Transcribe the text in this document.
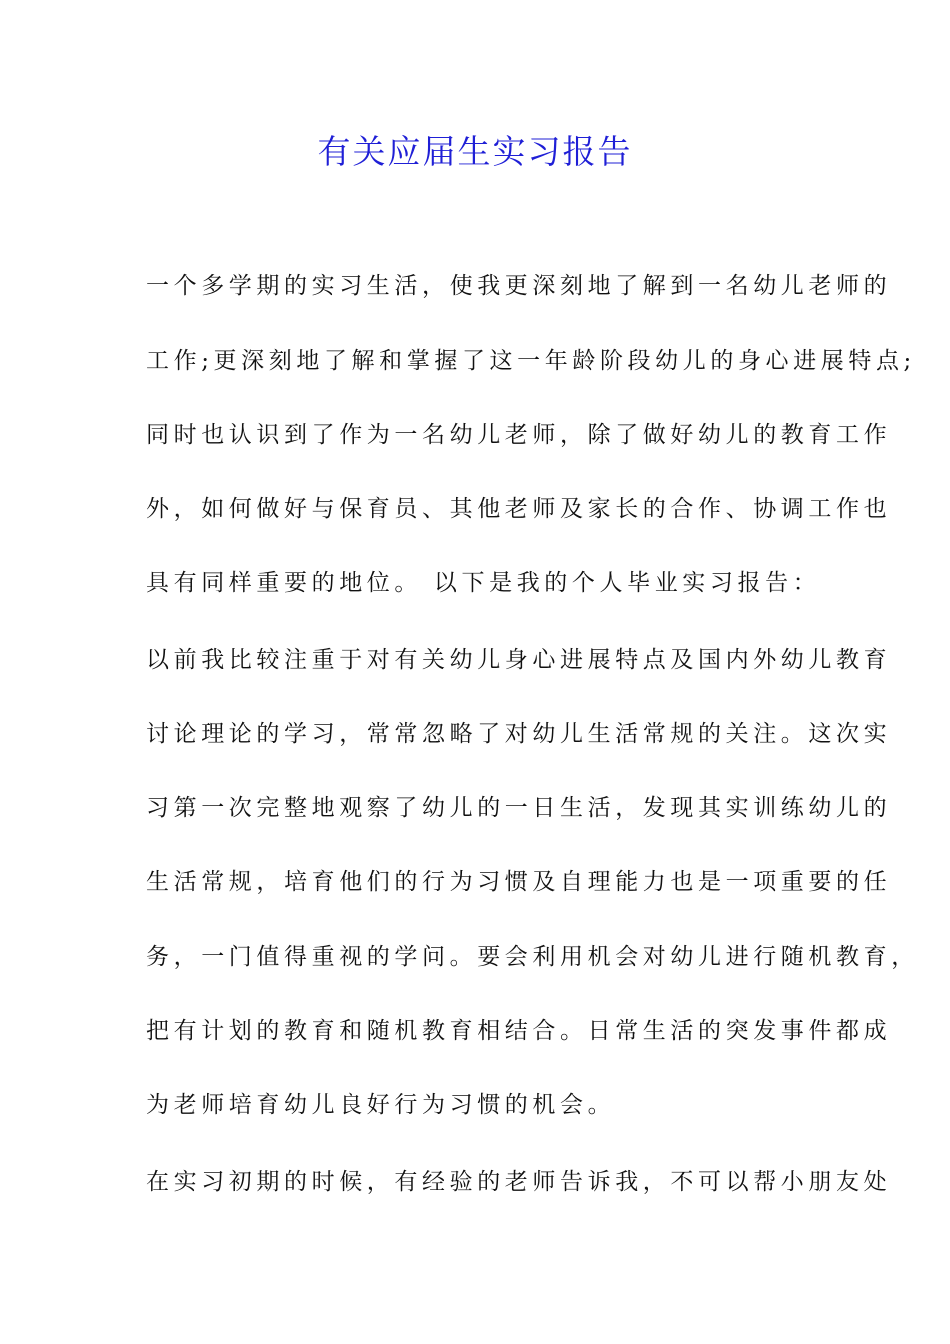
有关应届生实习报告
一个多学期的实习生活，使我更深刻地了解到一名幼儿老师的
工作;更深刻地了解和掌握了这一年龄阶段幼儿的身心进展特点;
同时也认识到了作为一名幼儿老师，除了做好幼儿的教育工作
外，如何做好与保育员、其他老师及家长的合作、协调工作也
具有同样重要的地位。 以下是我的个人毕业实习报告：
以前我比较注重于对有关幼儿身心进展特点及国内外幼儿教育
讨论理论的学习，常常忽略了对幼儿生活常规的关注。这次实
习第一次完整地观察了幼儿的一日生活，发现其实训练幼儿的
生活常规，培育他们的行为习惯及自理能力也是一项重要的任
务，一门值得重视的学问。要会利用机会对幼儿进行随机教育，
把有计划的教育和随机教育相结合。日常生活的突发事件都成
为老师培育幼儿良好行为习惯的机会。
在实习初期的时候，有经验的老师告诉我，不可以帮小朋友处
